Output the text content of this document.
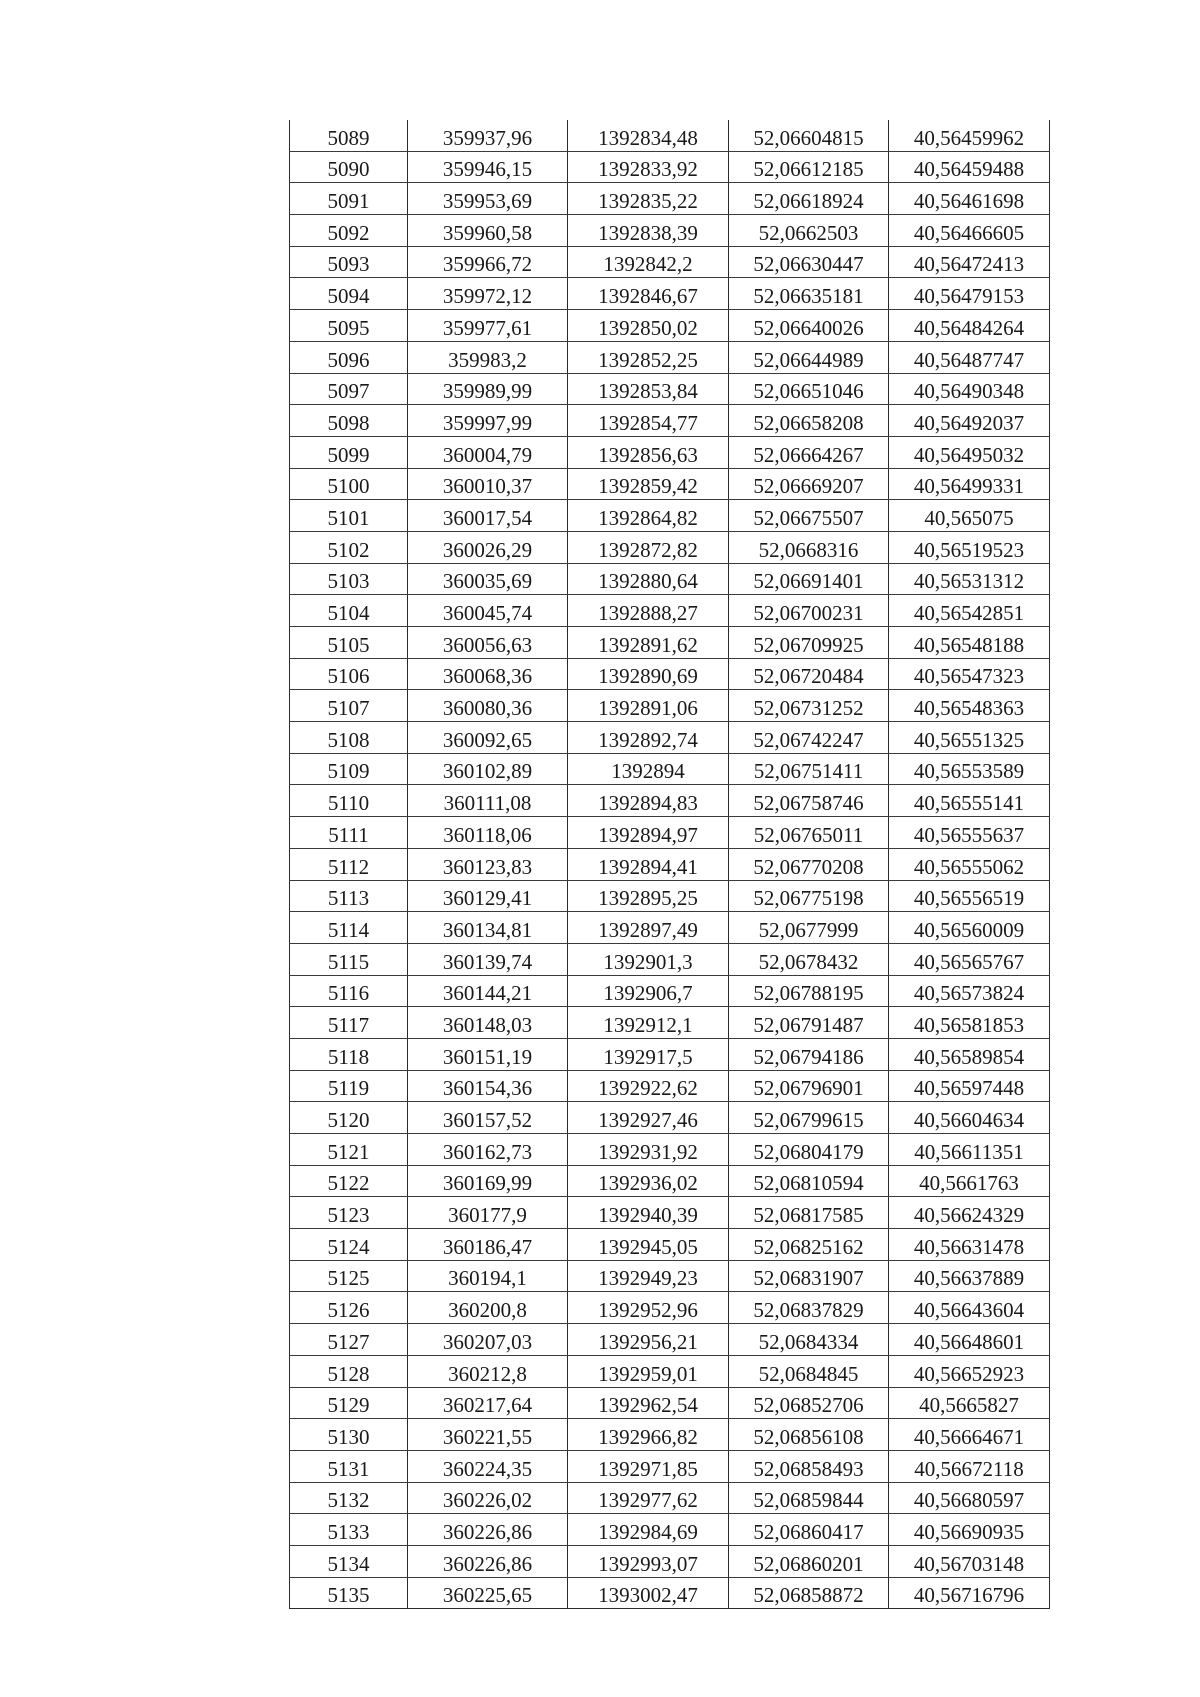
5089	359937,96	1392834,48	52,06604815	40,56459962
5090	359946,15	1392833,92	52,06612185	40,56459488
5091	359953,69	1392835,22	52,06618924	40,56461698
5092	359960,58	1392838,39	52,0662503	40,56466605
5093	359966,72	1392842,2	52,06630447	40,56472413
5094	359972,12	1392846,67	52,06635181	40,56479153
5095	359977,61	1392850,02	52,06640026	40,56484264
5096	359983,2	1392852,25	52,06644989	40,56487747
5097	359989,99	1392853,84	52,06651046	40,56490348
5098	359997,99	1392854,77	52,06658208	40,56492037
5099	360004,79	1392856,63	52,06664267	40,56495032
5100	360010,37	1392859,42	52,06669207	40,56499331
5101	360017,54	1392864,82	52,06675507	40,565075
5102	360026,29	1392872,82	52,0668316	40,56519523
5103	360035,69	1392880,64	52,06691401	40,56531312
5104	360045,74	1392888,27	52,06700231	40,56542851
5105	360056,63	1392891,62	52,06709925	40,56548188
5106	360068,36	1392890,69	52,06720484	40,56547323
5107	360080,36	1392891,06	52,06731252	40,56548363
5108	360092,65	1392892,74	52,06742247	40,56551325
5109	360102,89	1392894	52,06751411	40,56553589
5110	360111,08	1392894,83	52,06758746	40,56555141
5111	360118,06	1392894,97	52,06765011	40,56555637
5112	360123,83	1392894,41	52,06770208	40,56555062
5113	360129,41	1392895,25	52,06775198	40,56556519
5114	360134,81	1392897,49	52,0677999	40,56560009
5115	360139,74	1392901,3	52,0678432	40,56565767
5116	360144,21	1392906,7	52,06788195	40,56573824
5117	360148,03	1392912,1	52,06791487	40,56581853
5118	360151,19	1392917,5	52,06794186	40,56589854
5119	360154,36	1392922,62	52,06796901	40,56597448
5120	360157,52	1392927,46	52,06799615	40,56604634
5121	360162,73	1392931,92	52,06804179	40,56611351
5122	360169,99	1392936,02	52,06810594	40,5661763
5123	360177,9	1392940,39	52,06817585	40,56624329
5124	360186,47	1392945,05	52,06825162	40,56631478
5125	360194,1	1392949,23	52,06831907	40,56637889
5126	360200,8	1392952,96	52,06837829	40,56643604
5127	360207,03	1392956,21	52,0684334	40,56648601
5128	360212,8	1392959,01	52,0684845	40,56652923
5129	360217,64	1392962,54	52,06852706	40,5665827
5130	360221,55	1392966,82	52,06856108	40,56664671
5131	360224,35	1392971,85	52,06858493	40,56672118
5132	360226,02	1392977,62	52,06859844	40,56680597
5133	360226,86	1392984,69	52,06860417	40,56690935
5134	360226,86	1392993,07	52,06860201	40,56703148
5135	360225,65	1393002,47	52,06858872	40,56716796
